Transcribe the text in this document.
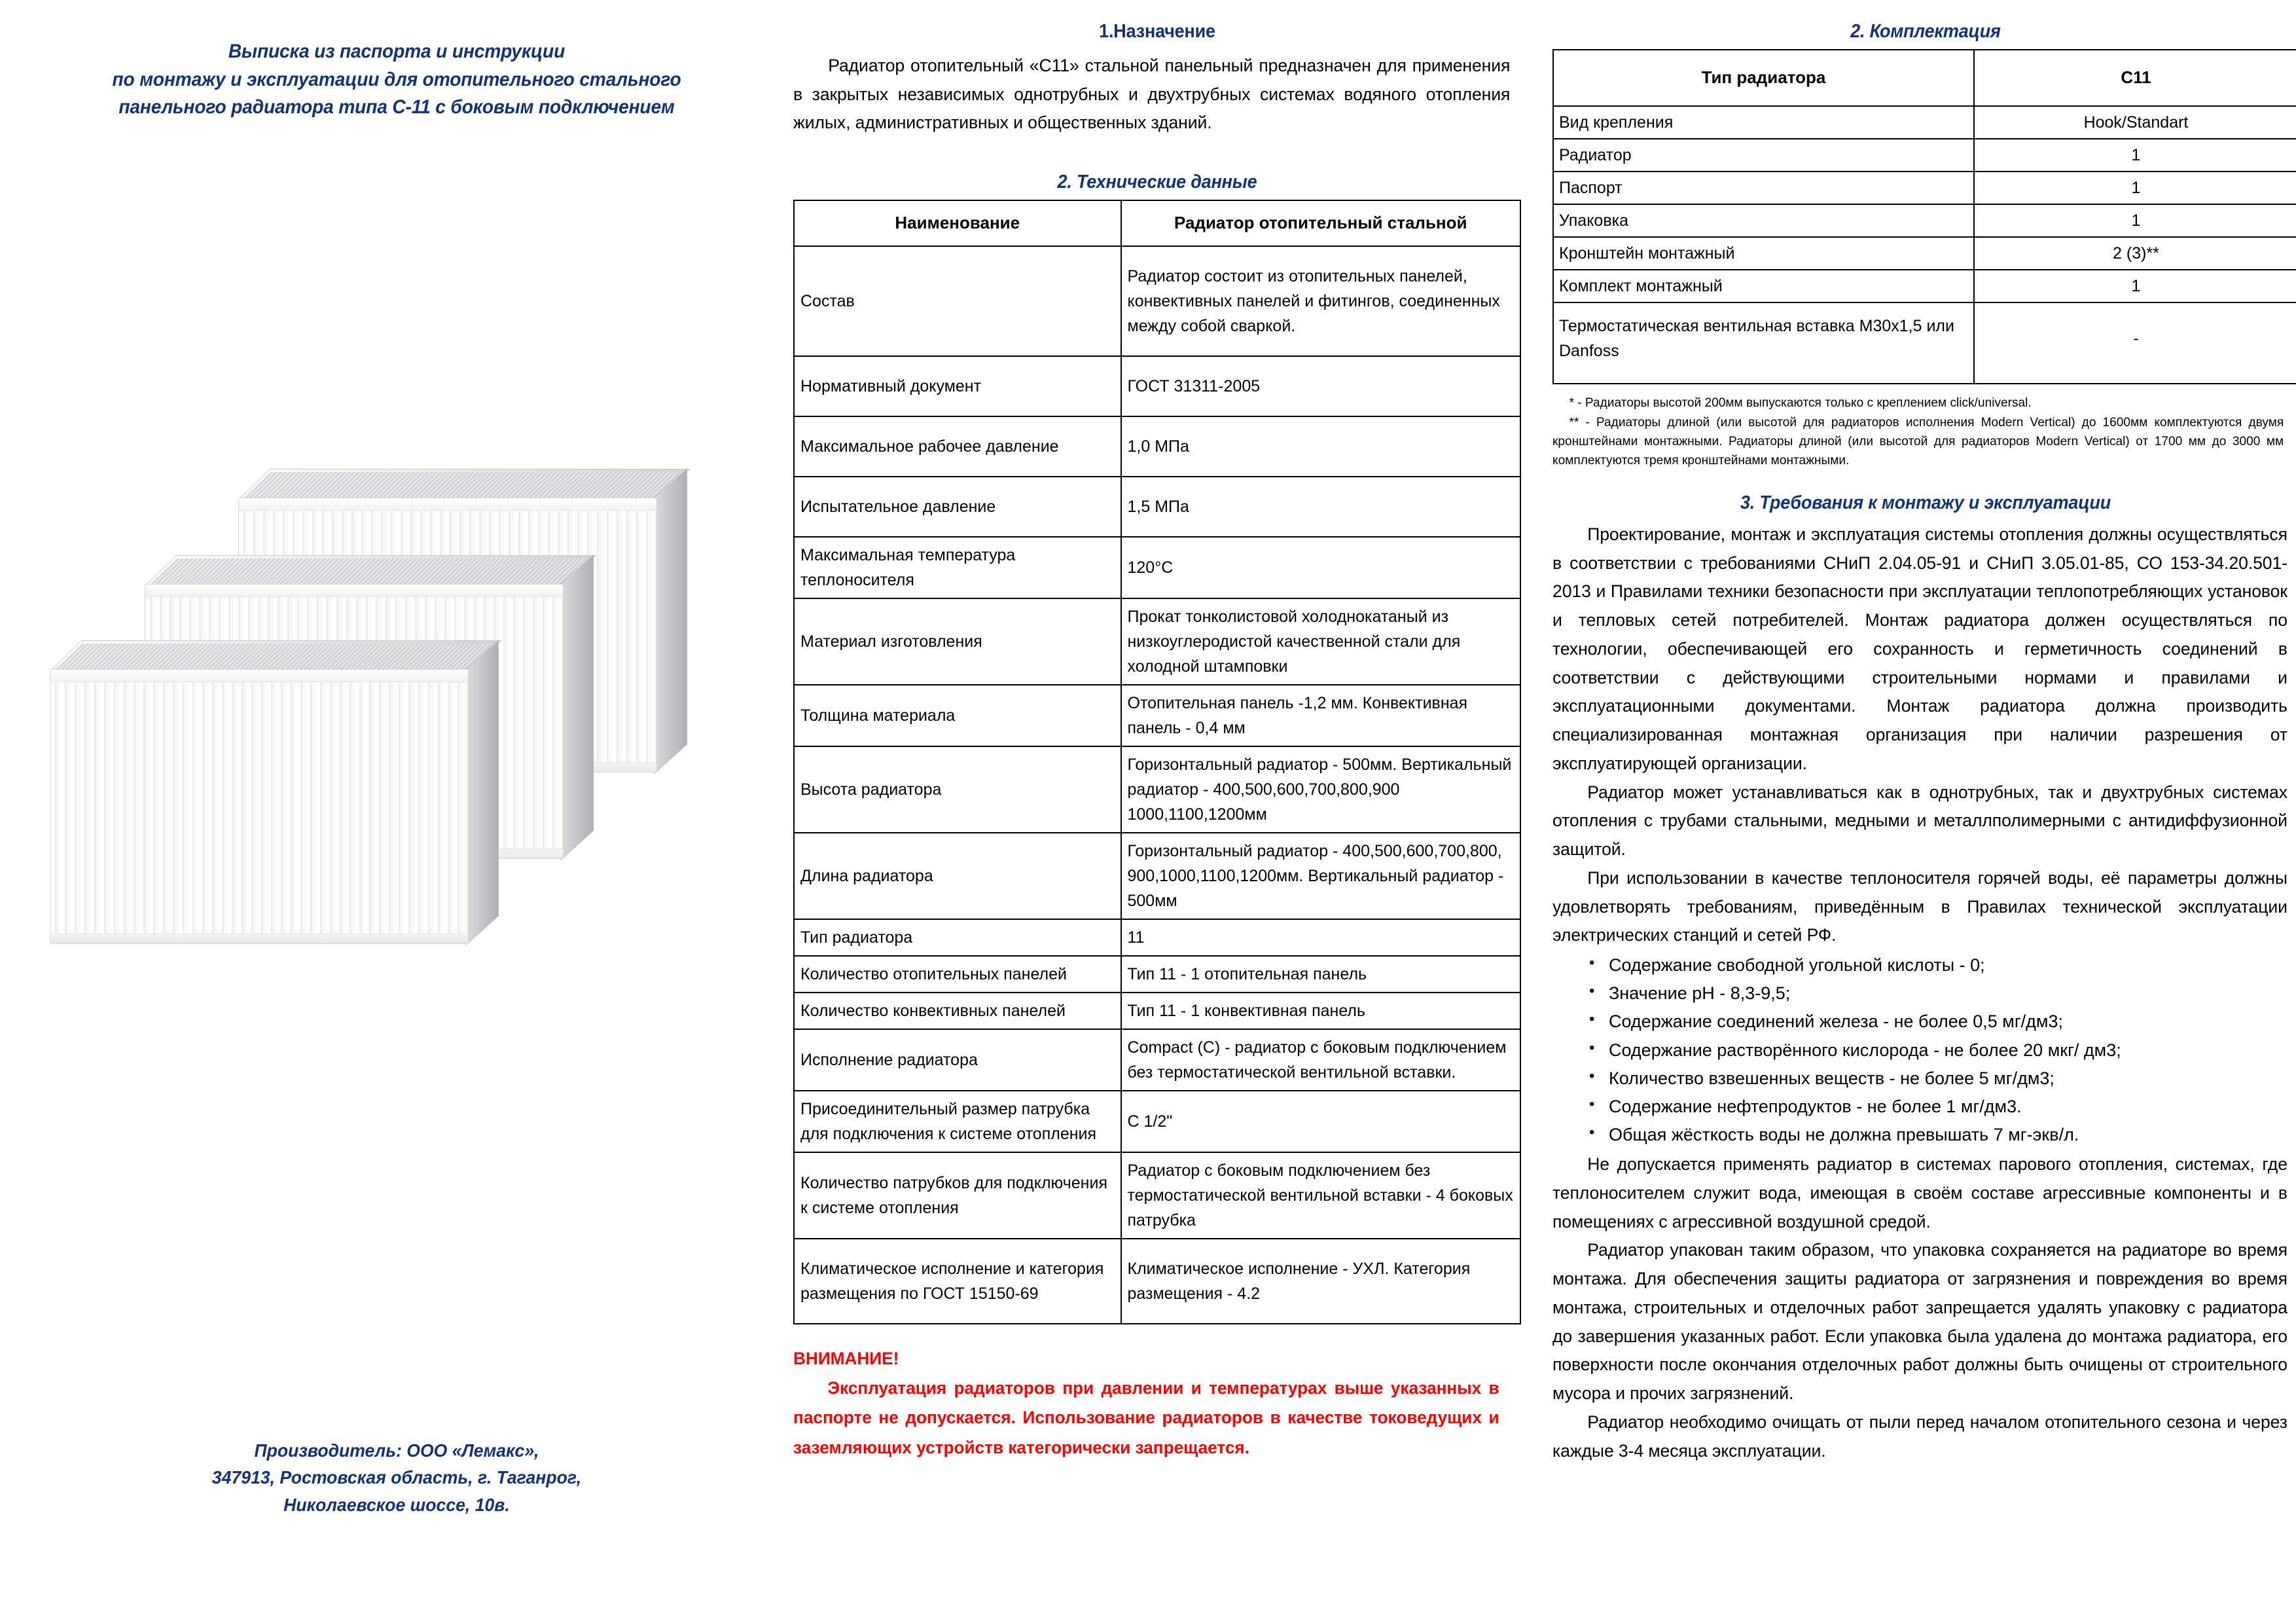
Выписка из паспорта и инструкции
по монтажу и эксплуатации для отопительного стального
панельного радиатора типа С-11 с боковым подключением
Производитель: ООО «Лемакс»,
347913, Ростовская область, г. Таганрог,
Николаевское шоссе, 10в.
1.Назначение

Радиатор отопительный «С11» стальной панельный предназначен для применения в закрытых независимых однотрубных и двухтрубных системах водяного отопления жилых, административных и общественных зданий.

2. Технические данные
Наименование	Радиатор отопительный стальной
Состав	Радиатор состоит из отопительных панелей, конвективных панелей и фитингов, соединенных между собой сваркой.
Нормативный документ	ГОСТ 31311-2005
Максимальное рабочее давление	1,0 МПа
Испытательное давление	1,5 МПа
Максимальная температура теплоносителя	120°С
Материал изготовления	Прокат тонколистовой холоднокатаный из низкоуглеродистой качественной стали для холодной штамповки
Толщина материала	Отопительная панель -1,2 мм. Конвективная панель - 0,4 мм
Высота радиатора	Горизонтальный радиатор - 500мм. Вертикальный радиатор - 400,500,600,700,800,900 1000,1100,1200мм
Длина радиатора	Горизонтальный радиатор - 400,500,600,700,800, 900,1000,1100,1200мм. Вертикальный радиатор - 500мм
Тип радиатора	11
Количество отопительных панелей	Тип 11 - 1 отопительная панель
Количество конвективных панелей	Тип 11 - 1 конвективная панель
Исполнение радиатора	Compact (С) - радиатор с боковым подключением без термостатической вентильной вставки.
Присоединительный размер патрубка для подключения к системе отопления	С 1/2"
Количество патрубков для подключения к системе отопления	Радиатор с боковым подключением без термостатической вентильной вставки - 4 боковых патрубка
Климатическое исполнение и категория размещения по ГОСТ 15150-69	Климатическое исполнение - УХЛ. Категория размещения - 4.2
ВНИМАНИЕ!
Эксплуатация радиаторов при давлении и температурах выше указанных в паспорте не допускается. Использование радиаторов в качестве токоведущих и заземляющих устройств категорически запрещается.
2. Комплектация
Тип радиатора	С11
Вид крепления	Hook/Standart
Радиатор	1
Паспорт	1
Упаковка	1
Кронштейн монтажный	2 (3)**
Комплект монтажный	1
Термостатическая вентильная вставка М30х1,5 или Danfoss	-
* - Радиаторы высотой 200мм выпускаются только с креплением click/universal.
** - Радиаторы длиной (или высотой для радиаторов исполнения Modern Vertical) до 1600мм комплектуются двумя кронштейнами монтажными. Радиаторы длиной (или высотой для радиаторов Modern Vertical) от 1700 мм до 3000 мм комплектуются тремя кронштейнами монтажными.
3. Требования к монтажу и эксплуатации

Проектирование, монтаж и эксплуатация системы отопления должны осуществляться в соответствии с требованиями СНиП 2.04.05-91 и СНиП 3.05.01-85, СО 153-34.20.501-2013 и Правилами техники безопасности при эксплуатации теплопотребляющих установок и тепловых сетей потребителей. Монтаж радиатора должен осуществляться по технологии, обеспечивающей его сохранность и герметичность соединений в соответствии с действующими строительными нормами и правилами и эксплуатационными документами. Монтаж радиатора должна производить специализированная монтажная организация при наличии разрешения от эксплуатирующей организации.

Радиатор может устанавливаться как в однотрубных, так и двухтрубных системах отопления с трубами стальными, медными и металлполимерными с антидиффузионной защитой.

При использовании в качестве теплоносителя горячей воды, её параметры должны удовлетворять требованиям, приведённым в Правилах технической эксплуатации электрических станций и сетей РФ.

• Содержание свободной угольной кислоты - 0;
• Значение pH - 8,3-9,5;
• Содержание соединений железа - не более 0,5 мг/дм3;
• Содержание растворённого кислорода - не более 20 мкг/ дм3;
• Количество взвешенных веществ - не более 5 мг/дм3;
• Содержание нефтепродуктов - не более 1 мг/дм3.
• Общая жёсткость воды не должна превышать 7 мг-экв/л.

Не допускается применять радиатор в системах парового отопления, системах, где теплоносителем служит вода, имеющая в своём составе агрессивные компоненты и в помещениях с агрессивной воздушной средой.

Радиатор упакован таким образом, что упаковка сохраняется на радиаторе во время монтажа. Для обеспечения защиты радиатора от загрязнения и повреждения во время монтажа, строительных и отделочных работ запрещается удалять упаковку с радиатора до завершения указанных работ. Если упаковка была удалена до монтажа радиатора, его поверхности после окончания отделочных работ должны быть очищены от строительного мусора и прочих загрязнений.

Радиатор необходимо очищать от пыли перед началом отопительного сезона и через каждые 3-4 месяца эксплуатации.
